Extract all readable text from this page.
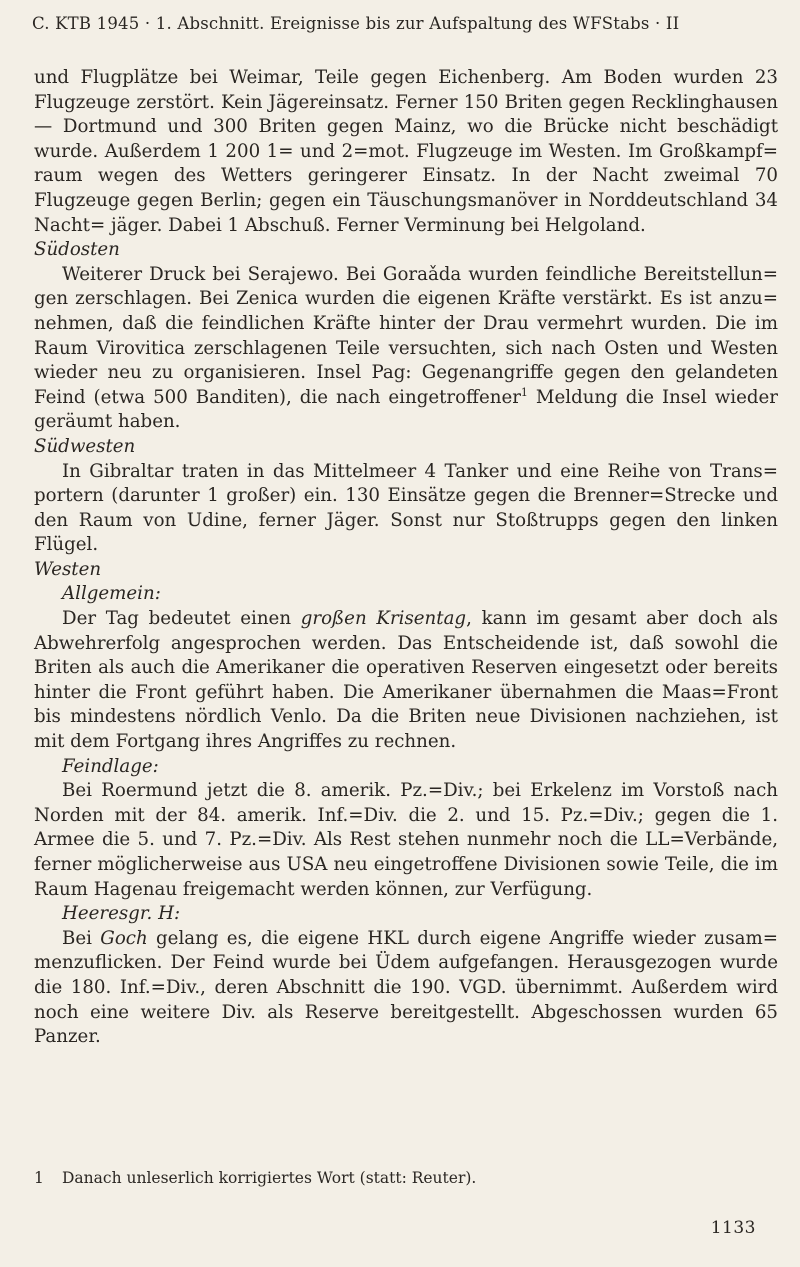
C. KTB 1945 · 1. Abschnitt. Ereignisse bis zur Aufspaltung des WFStabs · II

und Flugplätze bei Weimar, Teile gegen Eichenberg. Am Boden wurden 23 Flugzeuge zerstört. Kein Jägereinsatz. Ferner 150 Briten gegen Recklinghausen — Dortmund und 300 Briten gegen Mainz, wo die Brücke nicht beschädigt wurde. Außerdem 1 200 1= und 2=mot. Flugzeuge im Westen. Im Großkampf= raum wegen des Wetters geringerer Einsatz. In der Nacht zweimal 70 Flugzeuge gegen Berlin; gegen ein Täuschungsmanöver in Norddeutschland 34 Nacht= jäger. Dabei 1 Abschuß. Ferner Verminung bei Helgoland.

Südosten

Weiterer Druck bei Serajewo. Bei Goraǎda wurden feindliche Bereitstellun= gen zerschlagen. Bei Zenica wurden die eigenen Kräfte verstärkt. Es ist anzu= nehmen, daß die feindlichen Kräfte hinter der Drau vermehrt wurden. Die im Raum Virovitica zerschlagenen Teile versuchten, sich nach Osten und Westen wieder neu zu organisieren. Insel Pag: Gegenangriffe gegen den gelandeten Feind (etwa 500 Banditen), die nach eingetroffener$^1$ Meldung die Insel wieder geräumt haben.

Südwesten

In Gibraltar traten in das Mittelmeer 4 Tanker und eine Reihe von Trans= portern (darunter 1 großer) ein. 130 Einsätze gegen die Brenner=Strecke und den Raum von Udine, ferner Jäger. Sonst nur Stoßtrupps gegen den linken Flügel.

Westen

Allgemein:

Der Tag bedeutet einen großen Krisentag, kann im gesamt aber doch als Abwehrerfolg angesprochen werden. Das Entscheidende ist, daß sowohl die Briten als auch die Amerikaner die operativen Reserven eingesetzt oder bereits hinter die Front geführt haben. Die Amerikaner übernahmen die Maas=Front bis mindestens nördlich Venlo. Da die Briten neue Divisionen nachziehen, ist mit dem Fortgang ihres Angriffes zu rechnen.

Feindlage:

Bei Roermund jetzt die 8. amerik. Pz.=Div.; bei Erkelenz im Vorstoß nach Norden mit der 84. amerik. Inf.=Div. die 2. und 15. Pz.=Div.; gegen die 1. Armee die 5. und 7. Pz.=Div. Als Rest stehen nunmehr noch die LL=Verbände, ferner möglicherweise aus USA neu eingetroffene Divisionen sowie Teile, die im Raum Hagenau freigemacht werden können, zur Verfügung.

Heeresgr. H:

Bei Goch gelang es, die eigene HKL durch eigene Angriffe wieder zusam= menzuflicken. Der Feind wurde bei Üdem aufgefangen. Herausgezogen wurde die 180. Inf.=Div., deren Abschnitt die 190. VGD. übernimmt. Außerdem wird noch eine weitere Div. als Reserve bereitgestellt. Abgeschossen wurden 65 Panzer.

1 Danach unleserlich korrigiertes Wort (statt: Reuter).
1133
